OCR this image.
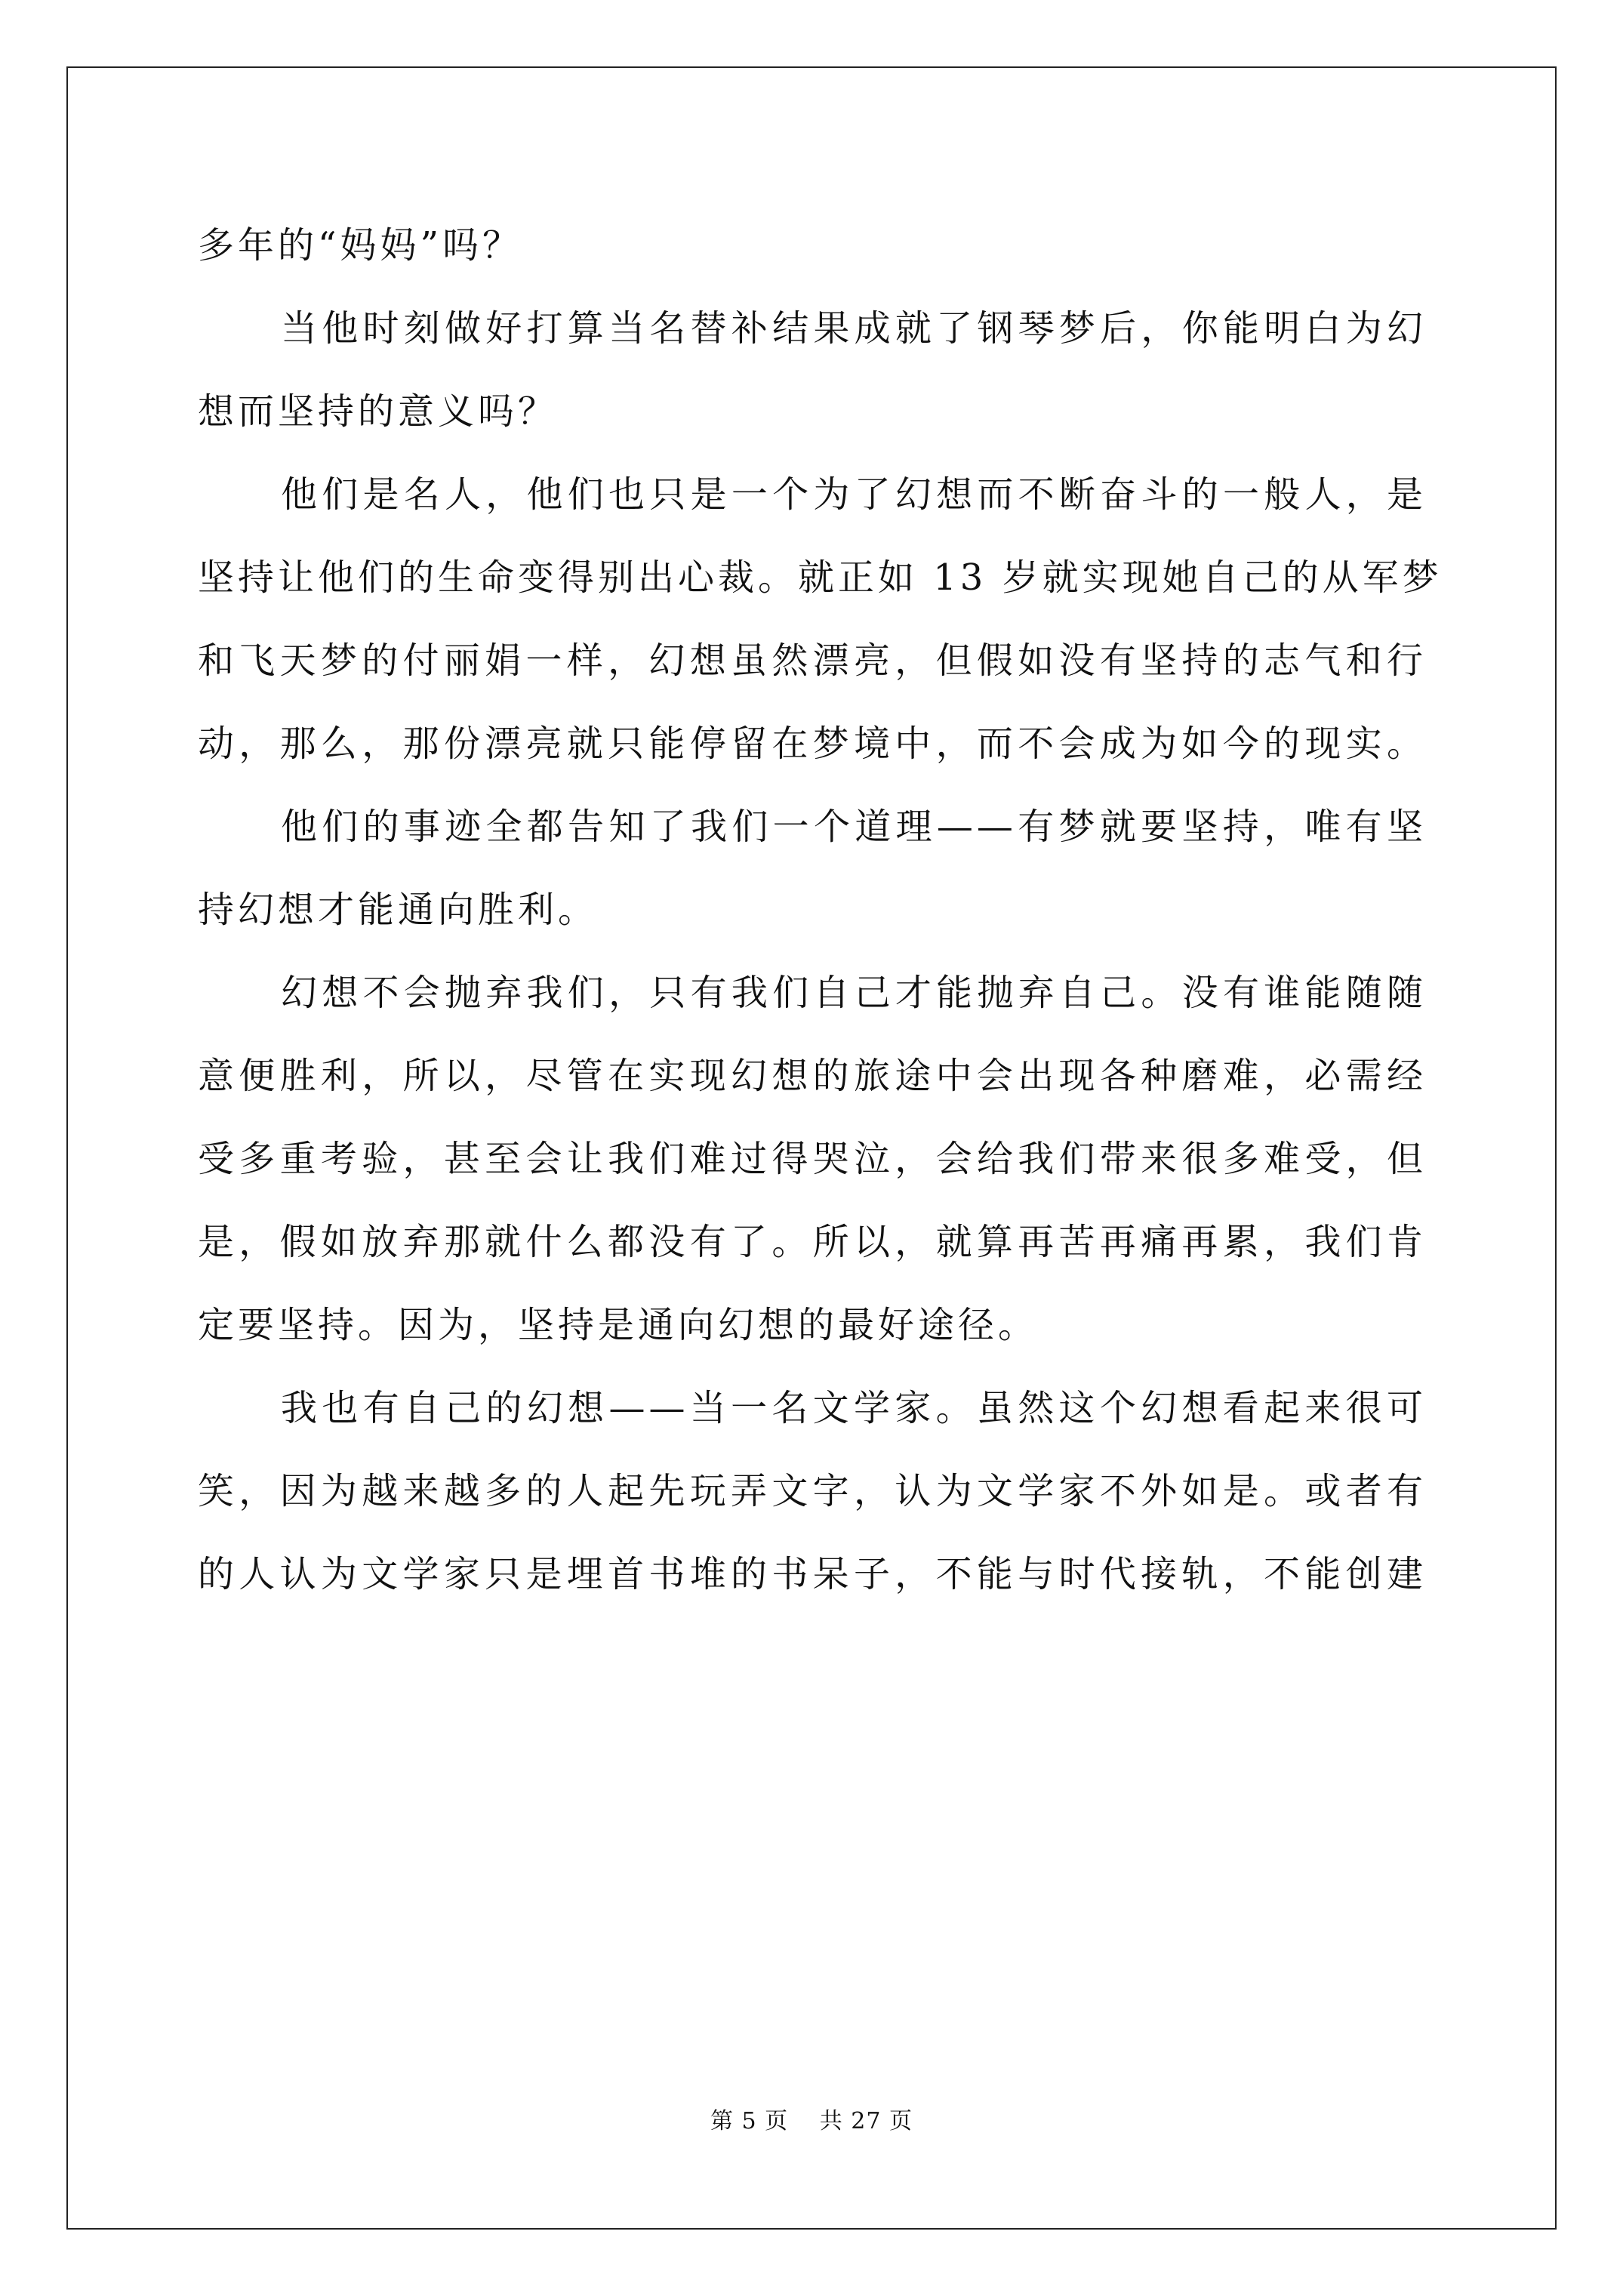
多年的“妈妈”吗？
当他时刻做好打算当名替补结果成就了钢琴梦后，你能明白为幻
想而坚持的意义吗？
他们是名人，他们也只是一个为了幻想而不断奋斗的一般人，是
坚持让他们的生命变得别出心裁。就正如 13 岁就实现她自己的从军梦
和飞天梦的付丽娟一样，幻想虽然漂亮，但假如没有坚持的志气和行
动，那么，那份漂亮就只能停留在梦境中，而不会成为如今的现实。
他们的事迹全都告知了我们一个道理——有梦就要坚持，唯有坚
持幻想才能通向胜利。
幻想不会抛弃我们，只有我们自己才能抛弃自己。没有谁能随随
意便胜利，所以，尽管在实现幻想的旅途中会出现各种磨难，必需经
受多重考验，甚至会让我们难过得哭泣，会给我们带来很多难受，但
是，假如放弃那就什么都没有了。所以，就算再苦再痛再累，我们肯
定要坚持。因为，坚持是通向幻想的最好途径。
我也有自己的幻想——当一名文学家。虽然这个幻想看起来很可
笑，因为越来越多的人起先玩弄文字，认为文学家不外如是。或者有
的人认为文学家只是埋首书堆的书呆子，不能与时代接轨，不能创建
第 5 页　 共 27 页
